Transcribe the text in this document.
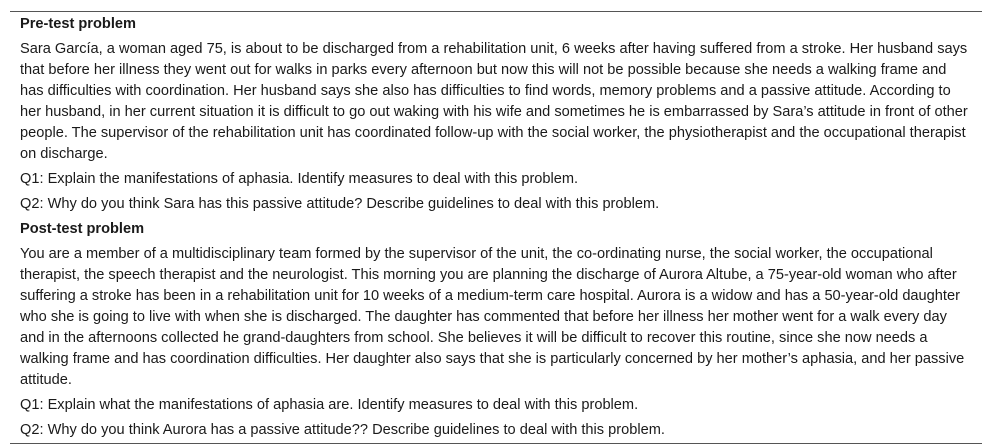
Pre-test problem
Sara García, a woman aged 75, is about to be discharged from a rehabilitation unit, 6 weeks after having suffered from a stroke. Her husband says that before her illness they went out for walks in parks every afternoon but now this will not be possible because she needs a walking frame and has difficulties with coordination. Her husband says she also has difficulties to find words, memory problems and a passive attitude. According to her husband, in her current situation it is difficult to go out waking with his wife and sometimes he is embarrassed by Sara’s attitude in front of other people. The supervisor of the rehabilitation unit has coordinated follow-up with the social worker, the physiotherapist and the occupational therapist on discharge.
Q1: Explain the manifestations of aphasia. Identify measures to deal with this problem.
Q2: Why do you think Sara has this passive attitude? Describe guidelines to deal with this problem.
Post-test problem
You are a member of a multidisciplinary team formed by the supervisor of the unit, the co-ordinating nurse, the social worker, the occupational therapist, the speech therapist and the neurologist. This morning you are planning the discharge of Aurora Altube, a 75-year-old woman who after suffering a stroke has been in a rehabilitation unit for 10 weeks of a medium-term care hospital. Aurora is a widow and has a 50-year-old daughter who she is going to live with when she is discharged. The daughter has commented that before her illness her mother went for a walk every day and in the afternoons collected he grand-daughters from school. She believes it will be difficult to recover this routine, since she now needs a walking frame and has coordination difficulties. Her daughter also says that she is particularly concerned by her mother’s aphasia, and her passive attitude.
Q1: Explain what the manifestations of aphasia are. Identify measures to deal with this problem.
Q2: Why do you think Aurora has a passive attitude?? Describe guidelines to deal with this problem.
